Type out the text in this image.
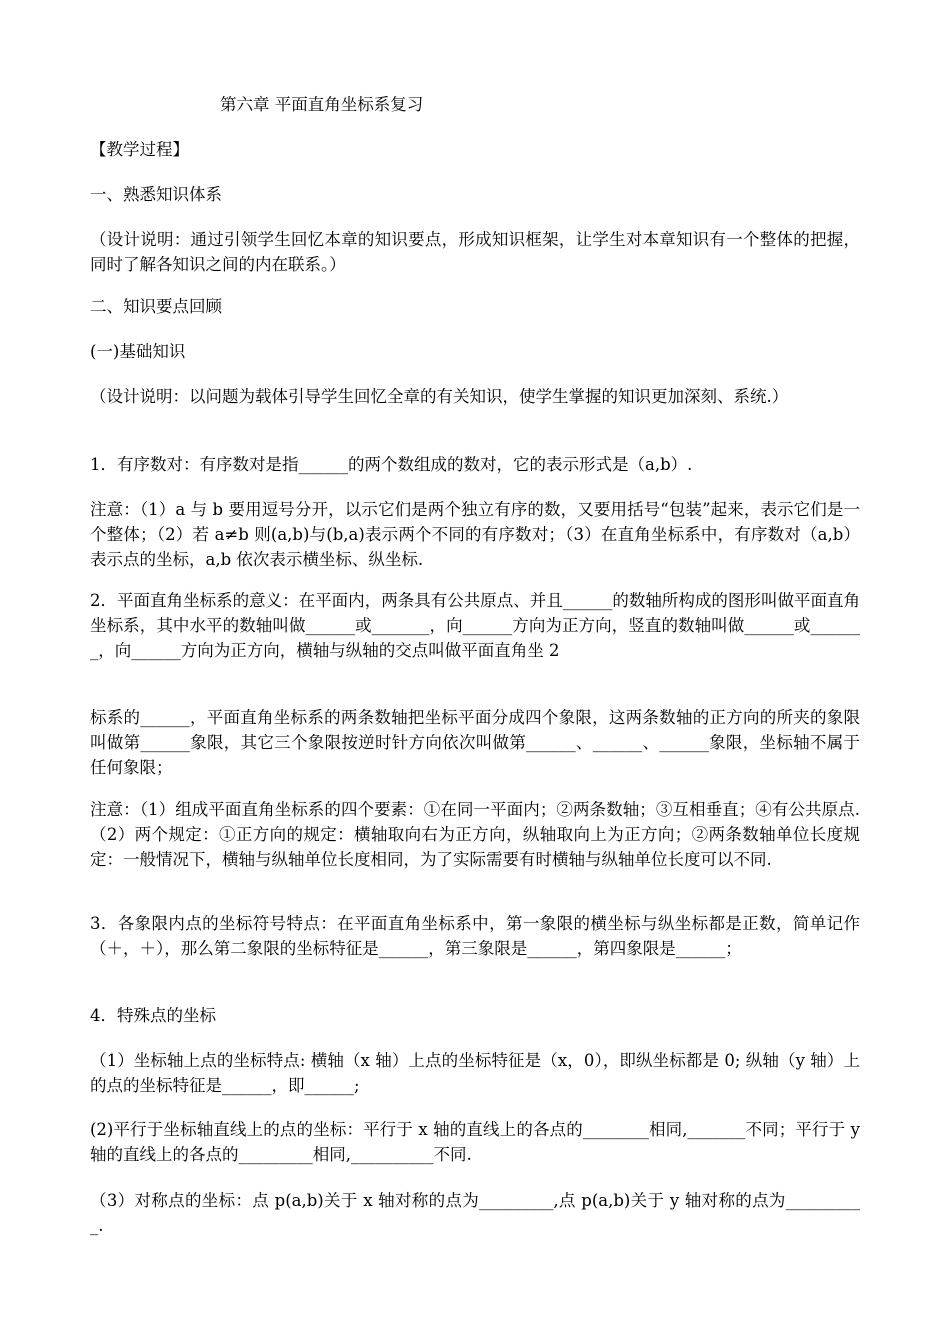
第六章 平面直角坐标系复习

【教学过程】

一、熟悉知识体系

（设计说明：通过引领学生回忆本章的知识要点，形成知识框架，让学生对本章知识有一个整体的把握，同时了解各知识之间的内在联系。）

二、知识要点回顾

(一)基础知识

（设计说明：以问题为载体引导学生回忆全章的有关知识，使学生掌握的知识更加深刻、系统.）

1．有序数对：有序数对是指______的两个数组成的数对，它的表示形式是（a,b）.

注意：（1）a 与 b 要用逗号分开，以示它们是两个独立有序的数，又要用括号“包装”起来，表示它们是一个整体；（2）若 a≠b 则(a,b)与(b,a)表示两个不同的有序数对；（3）在直角坐标系中，有序数对（a,b）表示点的坐标，a,b 依次表示横坐标、纵坐标.

2．平面直角坐标系的意义：在平面内，两条具有公共原点、并且______的数轴所构成的图形叫做平面直角坐标系，其中水平的数轴叫做______或_______，向______方向为正方向，竖直的数轴叫做______或_______，向______方向为正方向，横轴与纵轴的交点叫做平面直角坐 2

标系的______，平面直角坐标系的两条数轴把坐标平面分成四个象限，这两条数轴的正方向的所夹的象限叫做第______象限，其它三个象限按逆时针方向依次叫做第______、______、______象限，坐标轴不属于任何象限；

注意：（1）组成平面直角坐标系的四个要素：①在同一平面内；②两条数轴；③互相垂直；④有公共原点.（2）两个规定：①正方向的规定：横轴取向右为正方向，纵轴取向上为正方向；②两条数轴单位长度规定：一般情况下，横轴与纵轴单位长度相同，为了实际需要有时横轴与纵轴单位长度可以不同.

3．各象限内点的坐标符号特点：在平面直角坐标系中，第一象限的横坐标与纵坐标都是正数，简单记作（＋，＋），那么第二象限的坐标特征是______，第三象限是______，第四象限是______；

4．特殊点的坐标

（1）坐标轴上点的坐标特点: 横轴（x 轴）上点的坐标特征是（x，0），即纵坐标都是 0; 纵轴（y 轴）上的点的坐标特征是______，即______;

(2)平行于坐标轴直线上的点的坐标：平行于 x 轴的直线上的各点的________相同,_______不同；平行于 y 轴的直线上的各点的_________相同,__________不同.

（3）对称点的坐标：点 p(a,b)关于 x 轴对称的点为_________,点 p(a,b)关于 y 轴对称的点为__________.
